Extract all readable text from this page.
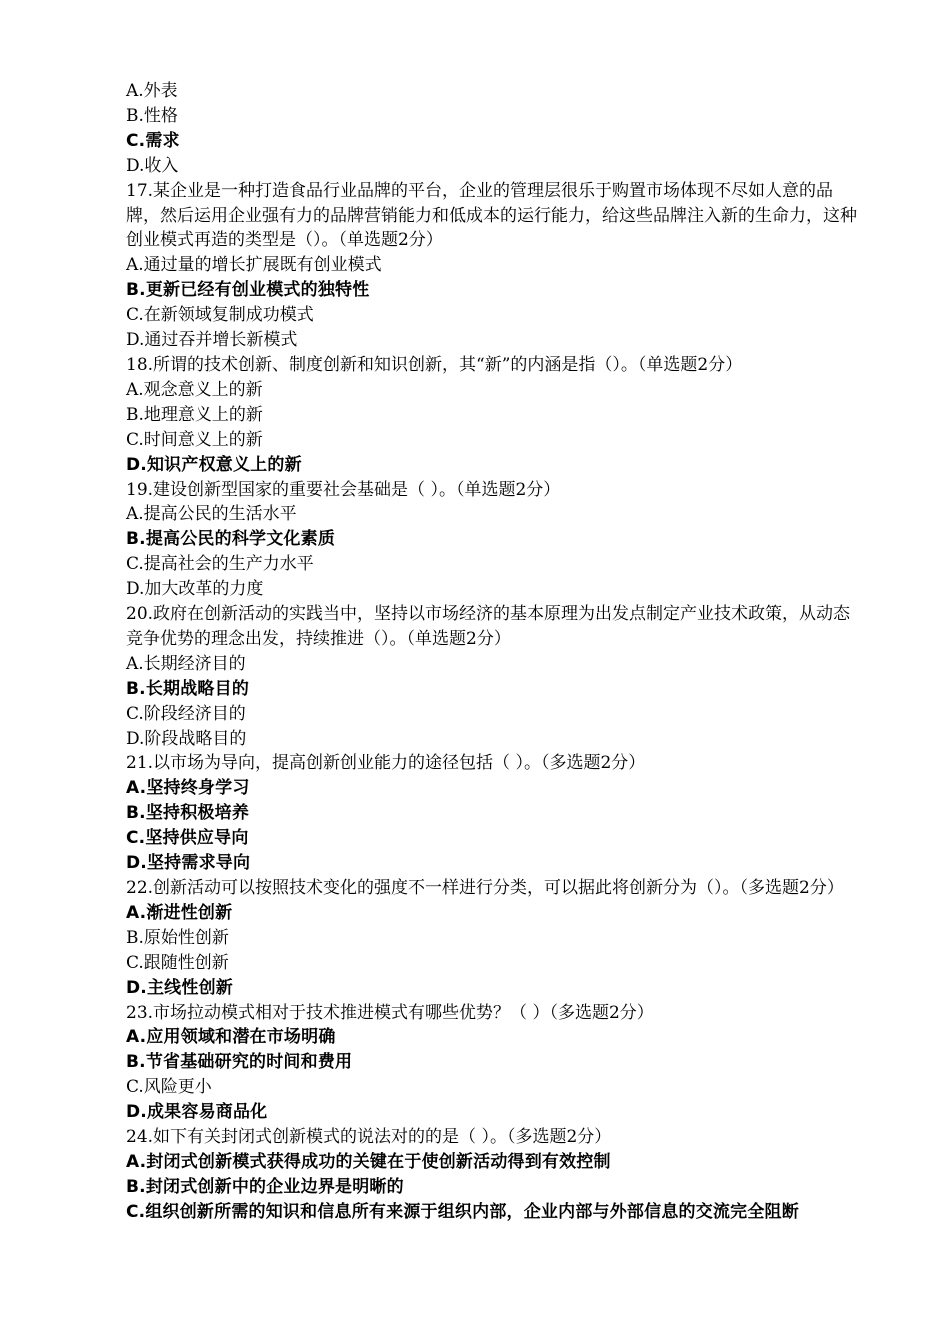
A.外表
B.性格
C.需求
D.收入
17.某企业是一种打造食品行业品牌的平台，企业的管理层很乐于购置市场体现不尽如人意的品牌，然后运用企业强有力的品牌营销能力和低成本的运行能力，给这些品牌注入新的生命力，这种创业模式再造的类型是（）。（单选题2分）
A.通过量的增长扩展既有创业模式
B.更新已经有创业模式的独特性
C.在新领域复制成功模式
D.通过吞并增长新模式
18.所谓的技术创新、制度创新和知识创新，其“新”的内涵是指（）。（单选题2分）
A.观念意义上的新
B.地理意义上的新
C.时间意义上的新
D.知识产权意义上的新
19.建设创新型国家的重要社会基础是（ ）。（单选题2分）
A.提高公民的生活水平
B.提高公民的科学文化素质
C.提高社会的生产力水平
D.加大改革的力度
20.政府在创新活动的实践当中，坚持以市场经济的基本原理为出发点制定产业技术政策，从动态竞争优势的理念出发，持续推进（）。（单选题2分）
A.长期经济目的
B.长期战略目的
C.阶段经济目的
D.阶段战略目的
21.以市场为导向，提高创新创业能力的途径包括（ ）。（多选题2分）
A.坚持终身学习
B.坚持积极培养
C.坚持供应导向
D.坚持需求导向
22.创新活动可以按照技术变化的强度不一样进行分类，可以据此将创新分为（）。（多选题2分）
A.渐进性创新
B.原始性创新
C.跟随性创新
D.主线性创新
23.市场拉动模式相对于技术推进模式有哪些优势？（ ）（多选题2分）
A.应用领域和潜在市场明确
B.节省基础研究的时间和费用
C.风险更小
D.成果容易商品化
24.如下有关封闭式创新模式的说法对的的是（ ）。（多选题2分）
A.封闭式创新模式获得成功的关键在于使创新活动得到有效控制
B.封闭式创新中的企业边界是明晰的
C.组织创新所需的知识和信息所有来源于组织内部，企业内部与外部信息的交流完全阻断
